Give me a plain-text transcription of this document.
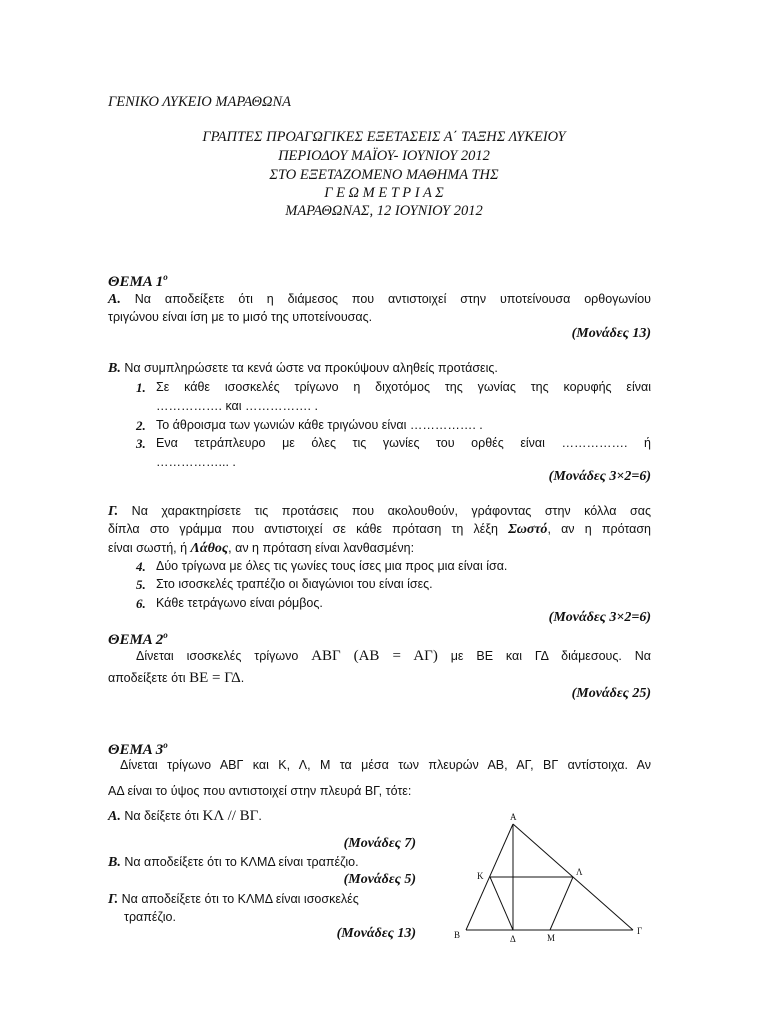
ΓΕΝΙΚΟ ΛΥΚΕΙΟ ΜΑΡΑΘΩΝΑ
ΓΡΑΠΤΕΣ ΠΡΟΑΓΩΓΙΚΕΣ ΕΞΕΤΑΣΕΙΣ Α΄ ΤΑΞΗΣ ΛΥΚΕΙΟΥ
ΠΕΡΙΟΔΟΥ ΜΑΪΟΥ- ΙΟΥΝΙΟΥ 2012
ΣΤΟ ΕΞΕΤΑΖΟΜΕΝΟ ΜΑΘΗΜΑ ΤΗΣ
Γ Ε Ω Μ Ε Τ Ρ Ι Α Σ
ΜΑΡΑΘΩΝΑΣ, 12 ΙΟΥΝΙΟΥ 2012
ΘΕΜΑ $1^o$
Α. Να αποδείξετε ότι η διάμεσος που αντιστοιχεί στην υποτείνουσα ορθογωνίου
τριγώνου είναι ίση με το μισό της υποτείνουσας.
(Μονάδες 13)
Β. Να συμπληρώσετε τα κενά ώστε να προκύψουν αληθείς προτάσεις.
1. Σε κάθε ισοσκελές τρίγωνο η διχοτόμος της γωνίας της κορυφής είναι
……………. και ……………. .
2. Το άθροισμα των γωνιών κάθε τριγώνου είναι ……………. .
3. Ενα τετράπλευρο με όλες τις γωνίες του ορθές είναι ……………. ή
……………... .
(Μονάδες 3×2=6)
Γ. Να χαρακτηρίσετε τις προτάσεις που ακολουθούν, γράφοντας στην κόλλα σας
δίπλα στο γράμμα που αντιστοιχεί σε κάθε πρόταση τη λέξη Σωστό, αν η πρόταση
είναι σωστή, ή Λάθος, αν η πρόταση είναι λανθασμένη:
4. Δύο τρίγωνα με όλες τις γωνίες τους ίσες μια προς μια είναι ίσα.
5. Στο ισοσκελές τραπέζιο οι διαγώνιοι του είναι ίσες.
6. Κάθε τετράγωνο είναι ρόμβος.
(Μονάδες 3×2=6)
ΘΕΜΑ $2^o$
Δίνεται ισοσκελές τρίγωνο ΑΒΓ (ΑΒ = ΑΓ) με ΒΕ και ΓΔ διάμεσους. Να
αποδείξετε ότι ΒΕ = ΓΔ.
(Μονάδες 25)
ΘΕΜΑ $3^o$
Δίνεται τρίγωνο ΑΒΓ και Κ, Λ, Μ τα μέσα των πλευρών ΑΒ, ΑΓ, ΒΓ αντίστοιχα. Αν
ΑΔ είναι το ύψος που αντιστοιχεί στην πλευρά ΒΓ, τότε:
Α. Να δείξετε ότι ΚΛ // ΒΓ.
(Μονάδες 7)
Β. Να αποδείξετε ότι το ΚΛΜΔ είναι τραπέζιο.
(Μονάδες 5)
Γ. Να αποδείξετε ότι το ΚΛΜΔ είναι ισοσκελές
τραπέζιο.
(Μονάδες 13)
Α
Β	Γ
Κ	Λ
Δ	Μ
